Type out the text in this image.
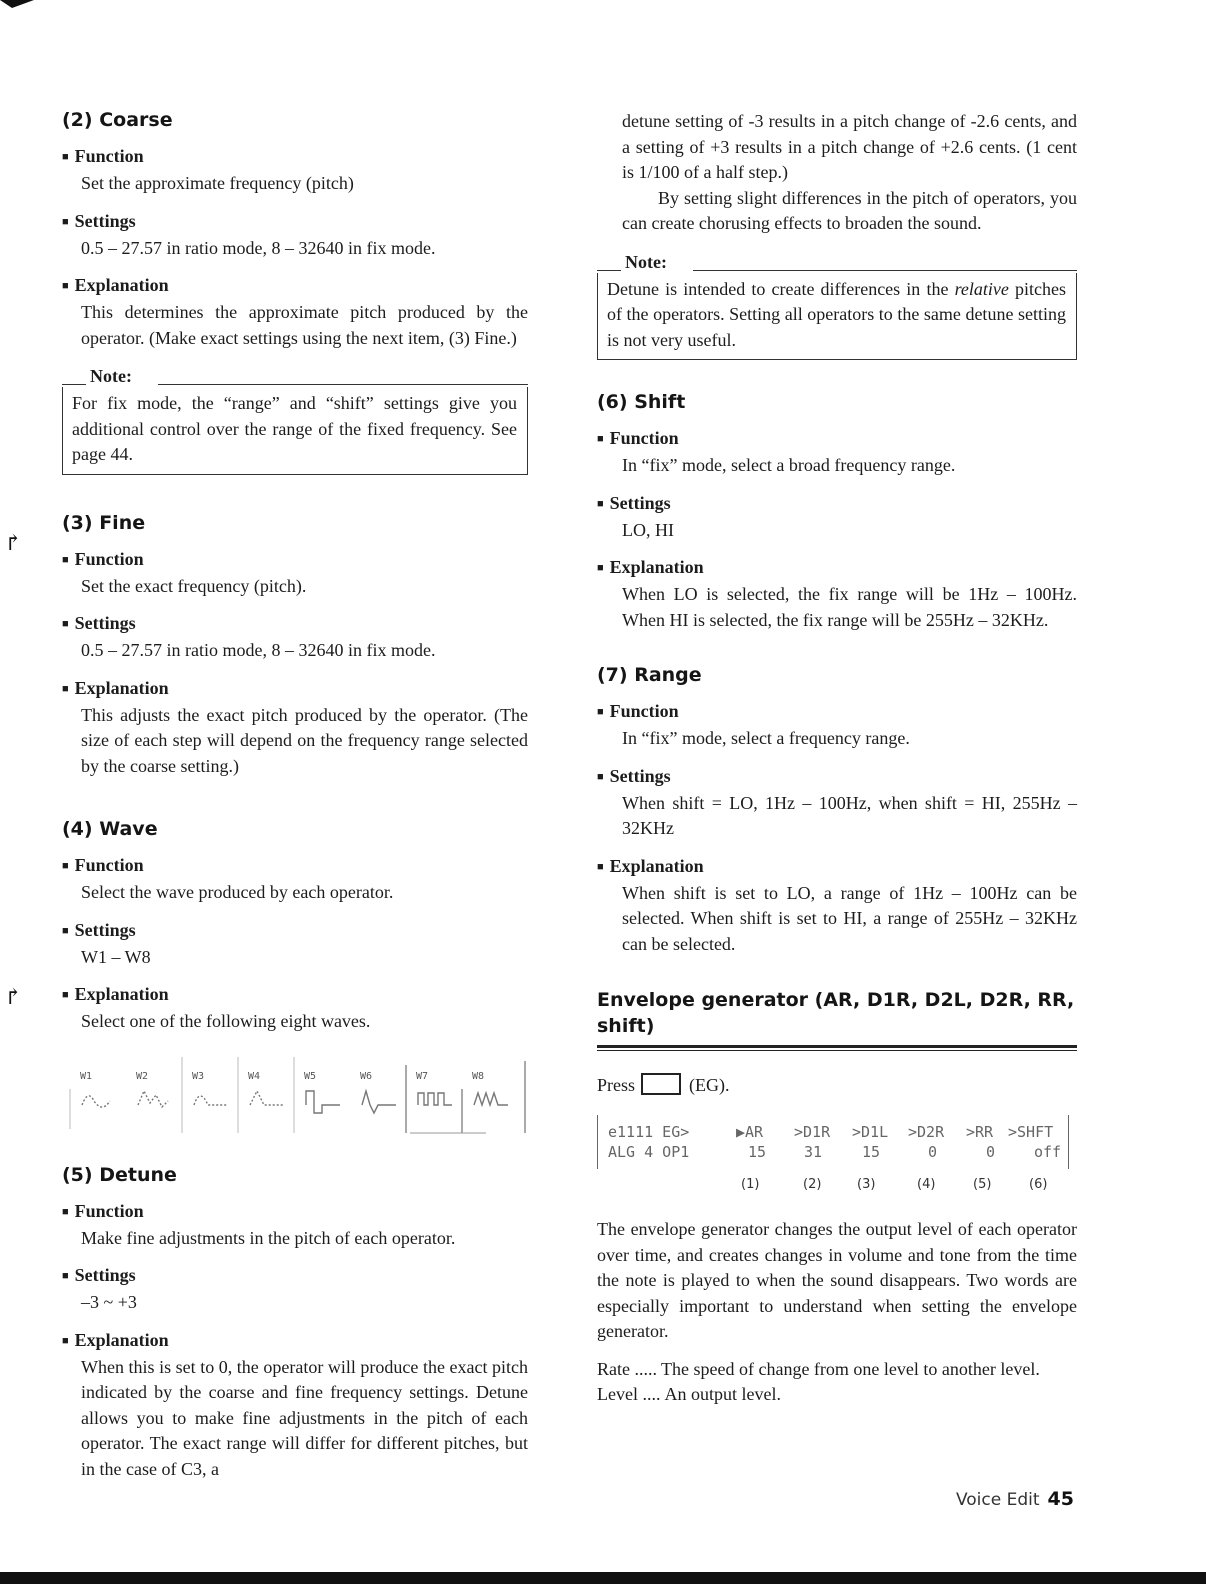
↱
↱
(2) Coarse

■ Function

Set the approximate frequency (pitch)

■ Settings

0.5 – 27.57 in ratio mode, 8 – 32640 in fix mode.

■ Explanation

This determines the approximate pitch produced by the operator. (Make exact settings using the next item, (3) Fine.)

Note:
For fix mode, the “range” and “shift” settings give you additional control over the range of the fixed frequency. See page 44.
(3) Fine

■ Function

Set the exact frequency (pitch).

■ Settings

0.5 – 27.57 in ratio mode, 8 – 32640 in fix mode.

■ Explanation

This adjusts the exact pitch produced by the operator. (The size of each step will depend on the frequency range selected by the coarse setting.)

(4) Wave

■ Function

Select the wave produced by each operator.

■ Settings

W1 – W8

■ Explanation

Select one of the following eight waves.

W1	W2	W3	W4	W5	W6	W7	W8
(5) Detune

■ Function

Make fine adjustments in the pitch of each operator.

■ Settings

–3 ~ +3

■ Explanation

When this is set to 0, the operator will produce the exact pitch indicated by the coarse and fine frequency settings. Detune allows you to make fine adjustments in the pitch of each operator. The exact range will differ for different pitches, but in the case of C3, a

detune setting of -3 results in a pitch change of -2.6 cents, and a setting of +3 results in a pitch change of +2.6 cents. (1 cent is 1/100 of a half step.)

By setting slight differences in the pitch of operators, you can create chorusing effects to broaden the sound.

Note:
Detune is intended to create differences in the relative pitches of the operators. Setting all operators to the same detune setting is not very useful.
(6) Shift

■ Function

In “fix” mode, select a broad frequency range.

■ Settings

LO, HI

■ Explanation

When LO is selected, the fix range will be 1Hz – 100Hz. When HI is selected, the fix range will be 255Hz – 32KHz.

(7) Range

■ Function

In “fix” mode, select a frequency range.

■ Settings

When shift = LO, 1Hz – 100Hz, when shift = HI, 255Hz – 32KHz

■ Explanation

When shift is set to LO, a range of 1Hz – 100Hz can be selected. When shift is set to HI, a range of 255Hz – 32KHz can be selected.

Envelope generator (AR, D1R, D2L, D2R, RR, shift)
Press	(EG).
e1111 EG>	▶AR >D1R >D1L >D2R >RR >SHFT
ALG 4 OP1	15	31	15	0	0	off
(1)	(2)	(3)	(4)	(5)	(6)

The envelope generator changes the output level of each operator over time, and creates changes in volume and tone from the time the note is played to when the sound disappears. Two words are especially important to understand when setting the envelope generator.

Rate ..... The speed of change from one level to another level.
Level .... An output level.
Voice Edit 45
